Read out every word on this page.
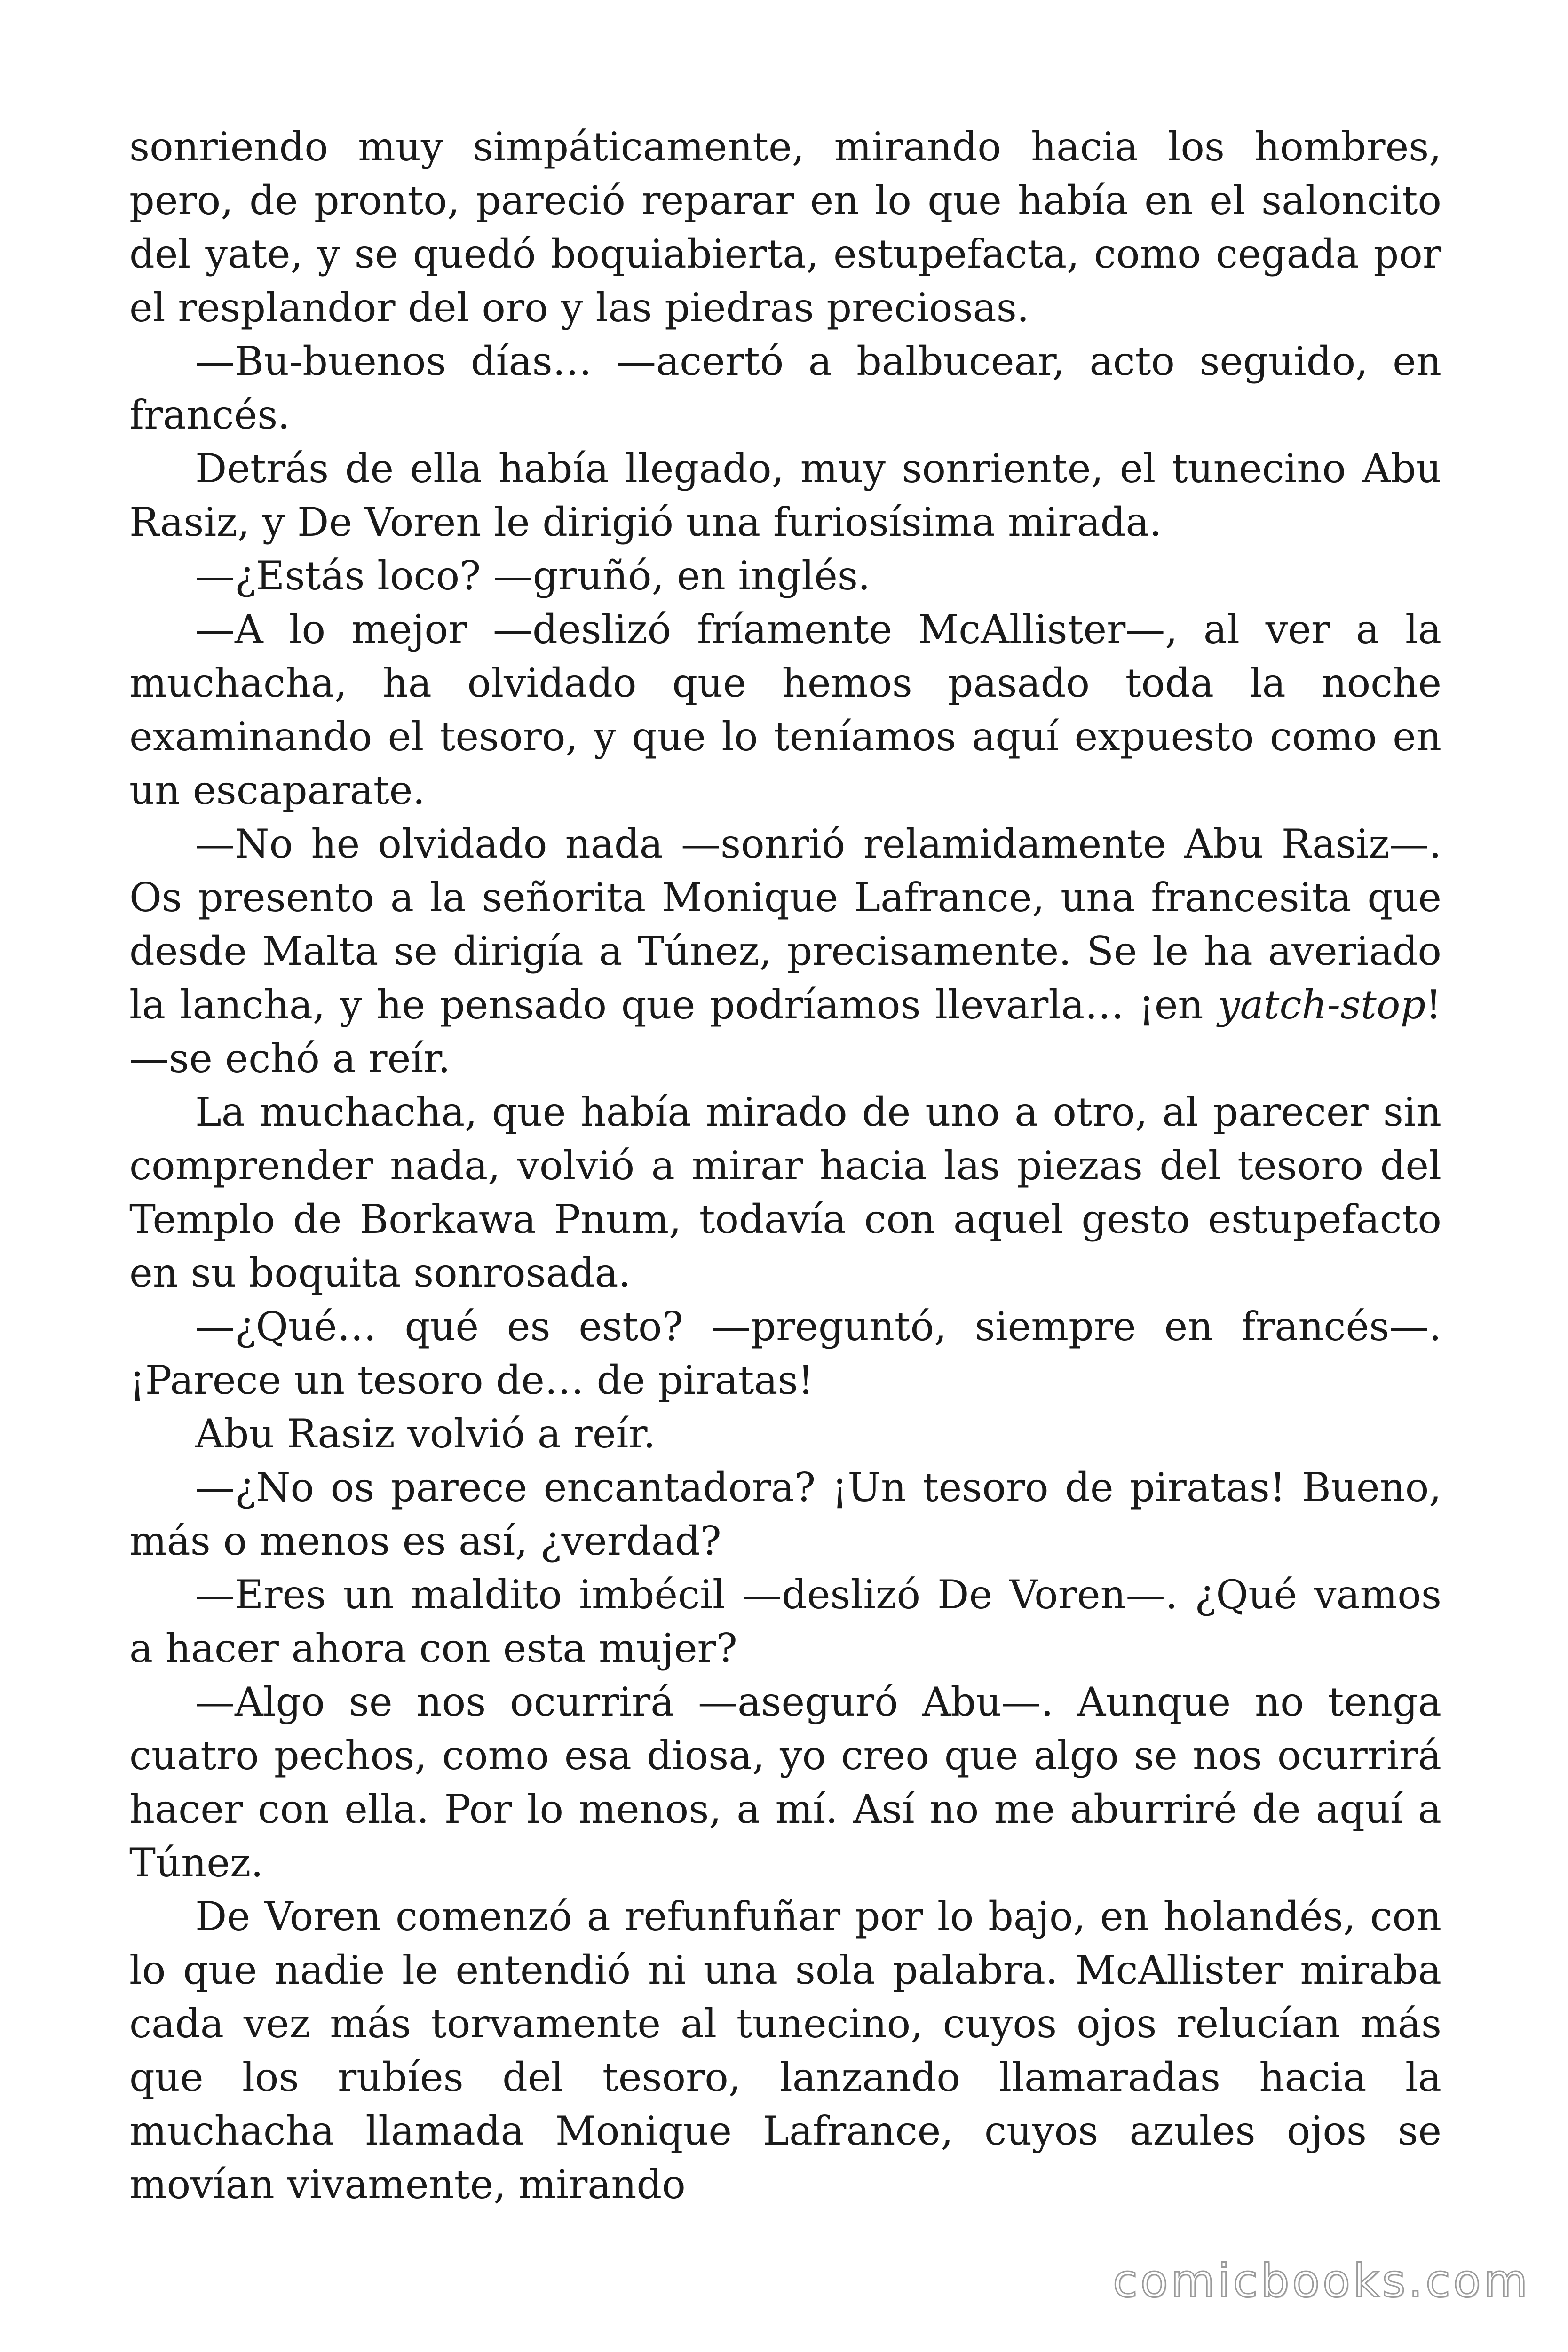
sonriendo muy simpáticamente, mirando hacia los hombres, pero, de pronto, pareció reparar en lo que había en el saloncito del yate, y se quedó boquiabierta, estupefacta, como cegada por el resplandor del oro y las piedras preciosas.

—Bu-buenos días… —acertó a balbucear, acto seguido, en francés.

Detrás de ella había llegado, muy sonriente, el tunecino Abu Rasiz, y De Voren le dirigió una furiosísima mirada.

—¿Estás loco? —gruñó, en inglés.

—A lo mejor —deslizó fríamente McAllister—, al ver a la muchacha, ha olvidado que hemos pasado toda la noche examinando el tesoro, y que lo teníamos aquí expuesto como en un escaparate.

—No he olvidado nada —sonrió relamidamente Abu Rasiz—. Os presento a la señorita Monique Lafrance, una francesita que desde Malta se dirigía a Túnez, precisamente. Se le ha averiado la lancha, y he pensado que podríamos llevarla… ¡en yatch-stop! —se echó a reír.

La muchacha, que había mirado de uno a otro, al parecer sin comprender nada, volvió a mirar hacia las piezas del tesoro del Templo de Borkawa Pnum, todavía con aquel gesto estupefacto en su boquita sonrosada.

—¿Qué… qué es esto? —preguntó, siempre en francés—. ¡Parece un tesoro de… de piratas!

Abu Rasiz volvió a reír.

—¿No os parece encantadora? ¡Un tesoro de piratas! Bueno, más o menos es así, ¿verdad?

—Eres un maldito imbécil —deslizó De Voren—. ¿Qué vamos a hacer ahora con esta mujer?

—Algo se nos ocurrirá —aseguró Abu—. Aunque no tenga cuatro pechos, como esa diosa, yo creo que algo se nos ocurrirá hacer con ella. Por lo menos, a mí. Así no me aburriré de aquí a Túnez.

De Voren comenzó a refunfuñar por lo bajo, en holandés, con lo que nadie le entendió ni una sola palabra. McAllister miraba cada vez más torvamente al tunecino, cuyos ojos relucían más que los rubíes del tesoro, lanzando llamaradas hacia la muchacha llamada Monique Lafrance, cuyos azules ojos se movían vivamente, mirando

comicbooks.com
